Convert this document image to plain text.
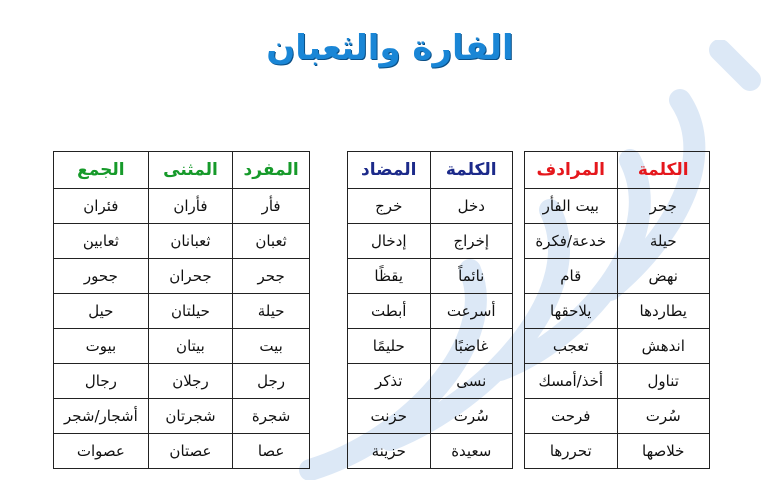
الفارة والثعبان
الكلمة	المرادف
جحر	بيت الفأر
حيلة	خدعة/فكرة
نهض	قام
يطاردها	يلاحقها
اندهش	تعجب
تناول	أخذ/أمسك
سُرت	فرحت
خلاصها	تحررها
الكلمة	المضاد
دخل	خرج
إخراج	إدخال
نائماً	يقظًا
أسرعت	أبطت
غاضبًا	حليمًا
نسى	تذكر
سُرت	حزنت
سعيدة	حزينة
المفرد	المثنى	الجمع
فأر	فأران	فئران
ثعبان	ثعبانان	ثعابين
جحر	جحران	جحور
حيلة	حيلتان	حيل
بيت	بيتان	بيوت
رجل	رجلان	رجال
شجرة	شجرتان	أشجار/شجر
عصا	عصتان	عصوات
